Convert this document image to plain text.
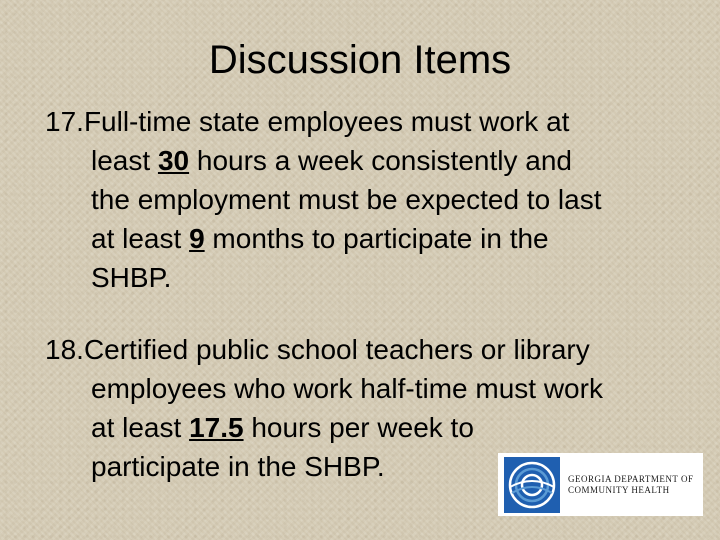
Discussion Items
17.Full-time state employees must work at
least 30 hours a week consistently and
the employment must be expected to last
at least 9 months to participate in the
SHBP.
18.Certified public school teachers or library
employees who work half-time must work
at least 17.5 hours per week to
participate in the SHBP.	GEORGIA DEPARTMENT OF
COMMUNITY HEALTH
